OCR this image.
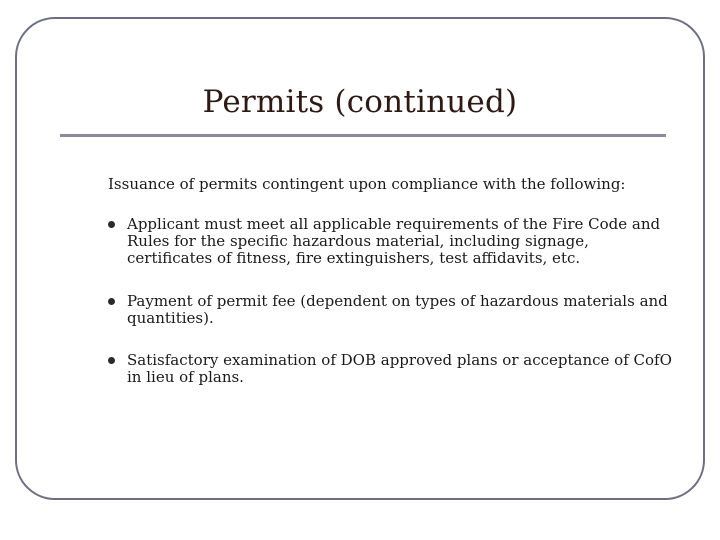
Permits (continued)
Issuance of permits contingent upon compliance with the following:
Applicant must meet all applicable requirements of the Fire Code and Rules for the specific hazardous material, including signage, certificates of fitness, fire extinguishers, test affidavits, etc.
Payment of permit fee (dependent on types of hazardous materials and quantities).
Satisfactory examination of DOB approved plans or acceptance of CofO in lieu of plans.
